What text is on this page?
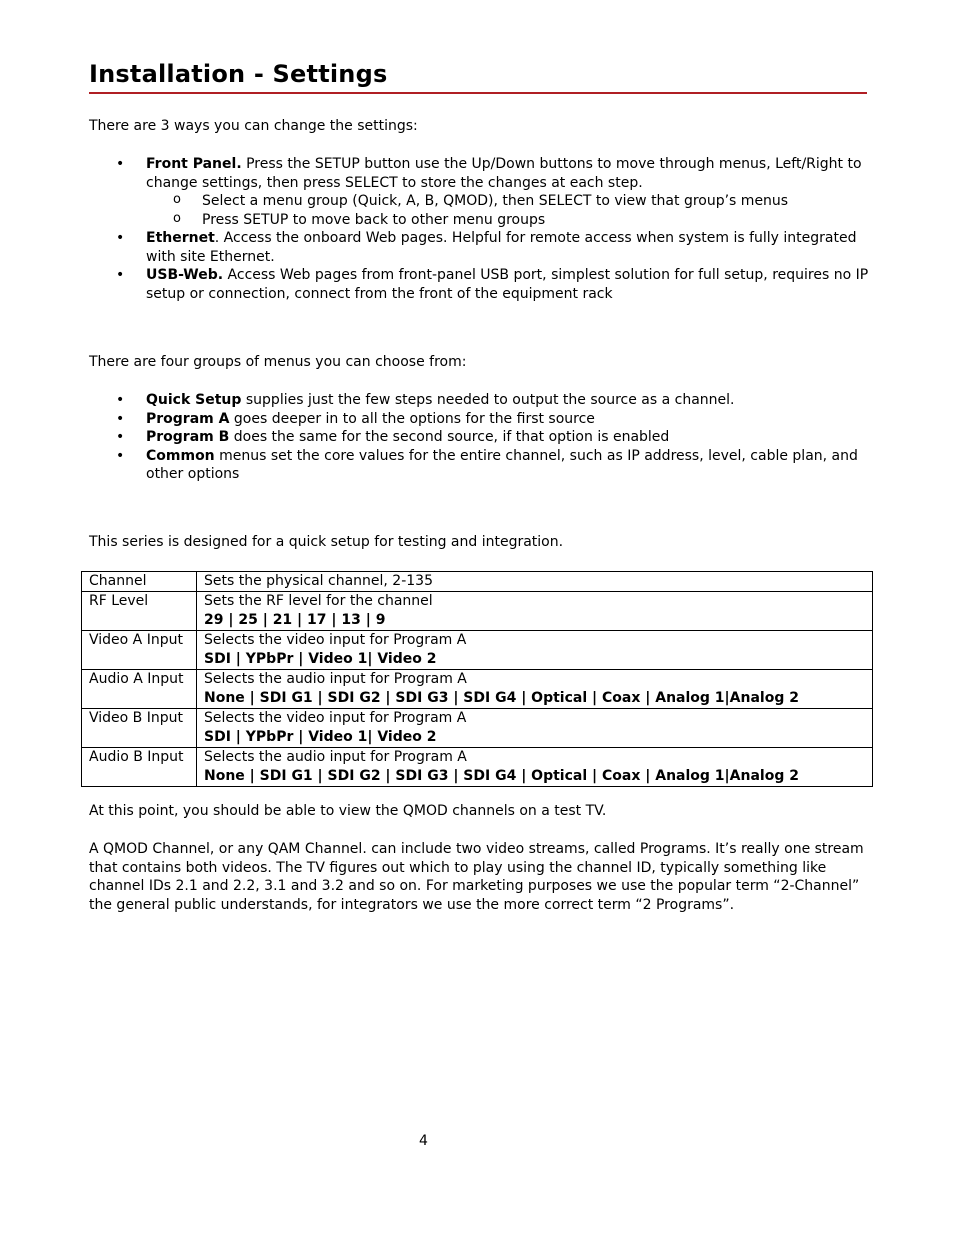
Installation - Settings

There are 3 ways you can change the settings:

• Front Panel. Press the SETUP button use the Up/Down buttons to move through menus, Left/Right to change settings, then press SELECT to store the changes at each step.
o Select a menu group (Quick, A, B, QMOD), then SELECT to view that group’s menus
o Press SETUP to move back to other menu groups
• Ethernet. Access the onboard Web pages. Helpful for remote access when system is fully integrated with site Ethernet.
• USB-Web. Access Web pages from front-panel USB port, simplest solution for full setup, requires no IP setup or connection, connect from the front of the equipment rack

There are four groups of menus you can choose from:

• Quick Setup supplies just the few steps needed to output the source as a channel.
• Program A goes deeper in to all the options for the first source
• Program B does the same for the second source, if that option is enabled
• Common menus set the core values for the entire channel, such as IP address, level, cable plan, and other options

This series is designed for a quick setup for testing and integration.

Channel	Sets the physical channel, 2-135

RF Level	Sets the RF level for the channel
29 | 25 | 21 | 17 | 13 | 9
Video A Input	Selects the video input for Program A
SDI | YPbPr | Video 1| Video 2
Audio A Input	Selects the audio input for Program A
None | SDI G1 | SDI G2 | SDI G3 | SDI G4 | Optical | Coax | Analog 1|Analog 2
Video B Input	Selects the video input for Program A
SDI | YPbPr | Video 1| Video 2
Audio B Input	Selects the audio input for Program A
None | SDI G1 | SDI G2 | SDI G3 | SDI G4 | Optical | Coax | Analog 1|Analog 2

At this point, you should be able to view the QMOD channels on a test TV.

A QMOD Channel, or any QAM Channel. can include two video streams, called Programs. It’s really one stream that contains both videos. The TV figures out which to play using the channel ID, typically something like channel IDs 2.1 and 2.2, 3.1 and 3.2 and so on. For marketing purposes we use the popular term “2-Channel” the general public understands, for integrators we use the more correct term “2 Programs”.

4
